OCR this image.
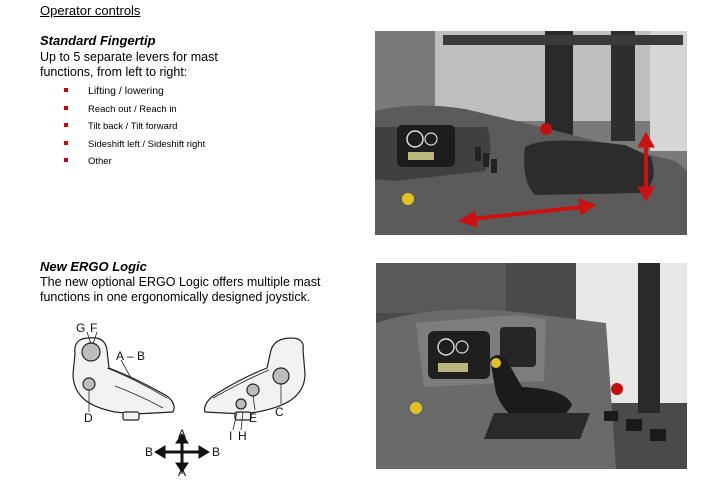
Operator controls
Standard Fingertip
Up to 5 separate levers for mast
functions, from left to right:
Lifting / lowering
Reach out / Reach in
Tilt back / Tilt forward
Sideshift left / Sideshift right
Other
New ERGO Logic
The new optional ERGO Logic offers multiple mast
functions in one ergonomically designed joystick.
G F
A – B
D	E C
I H
A
A
B	B
